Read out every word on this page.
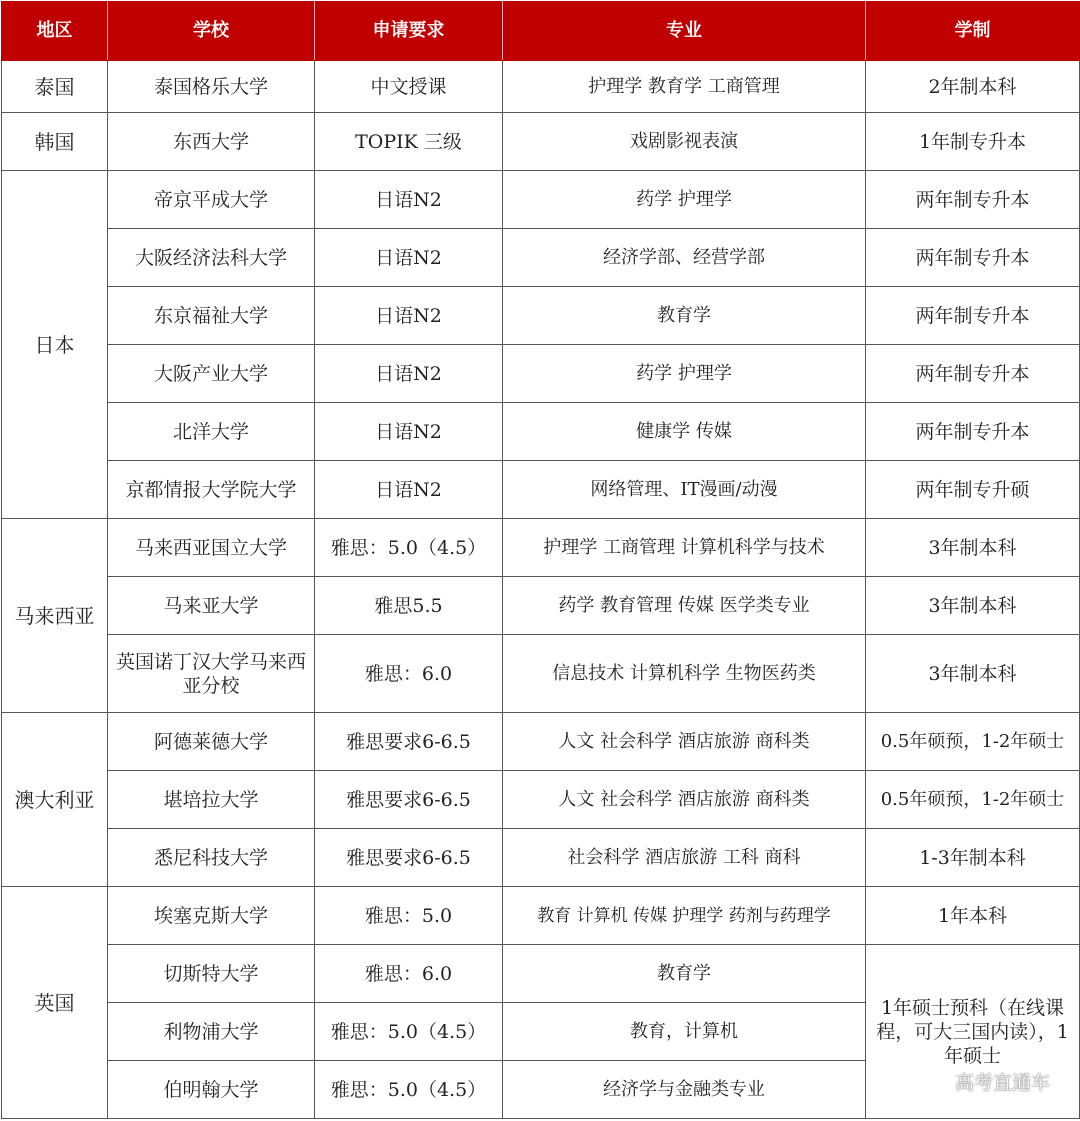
地区	学校	申请要求	专业	学制
泰国	泰国格乐大学	中文授课	护理学 教育学 工商管理	2年制本科
韩国	东西大学	TOPIK 三级	戏剧影视表演	1年制专升本
日本	帝京平成大学	日语N2	药学 护理学	两年制专升本
	大阪经济法科大学	日语N2	经济学部、经营学部	两年制专升本
	东京福祉大学	日语N2	教育学	两年制专升本
	大阪产业大学	日语N2	药学 护理学	两年制专升本
	北洋大学	日语N2	健康学 传媒	两年制专升本
	京都情报大学院大学	日语N2	网络管理、IT漫画/动漫	两年制专升硕
马来西亚	马来西亚国立大学	雅思：5.0（4.5）	护理学 工商管理 计算机科学与技术	3年制本科
	马来亚大学	雅思5.5	药学 教育管理 传媒 医学类专业	3年制本科
	英国诺丁汉大学马来西亚分校	雅思：6.0	信息技术 计算机科学 生物医药类	3年制本科
澳大利亚	阿德莱德大学	雅思要求6-6.5	人文 社会科学 酒店旅游 商科类	0.5年硕预，1-2年硕士
	堪培拉大学	雅思要求6-6.5	人文 社会科学 酒店旅游 商科类	0.5年硕预，1-2年硕士
	悉尼科技大学	雅思要求6-6.5	社会科学 酒店旅游 工科 商科	1-3年制本科
英国	埃塞克斯大学	雅思：5.0	教育 计算机 传媒 护理学 药剂与药理学	1年本科
	切斯特大学	雅思：6.0	教育学	1年硕士预科（在线课程，可大三国内读），1年硕士
	利物浦大学	雅思：5.0（4.5）	教育，计算机	
	伯明翰大学	雅思：5.0（4.5）	经济学与金融类专业		高考直通车
